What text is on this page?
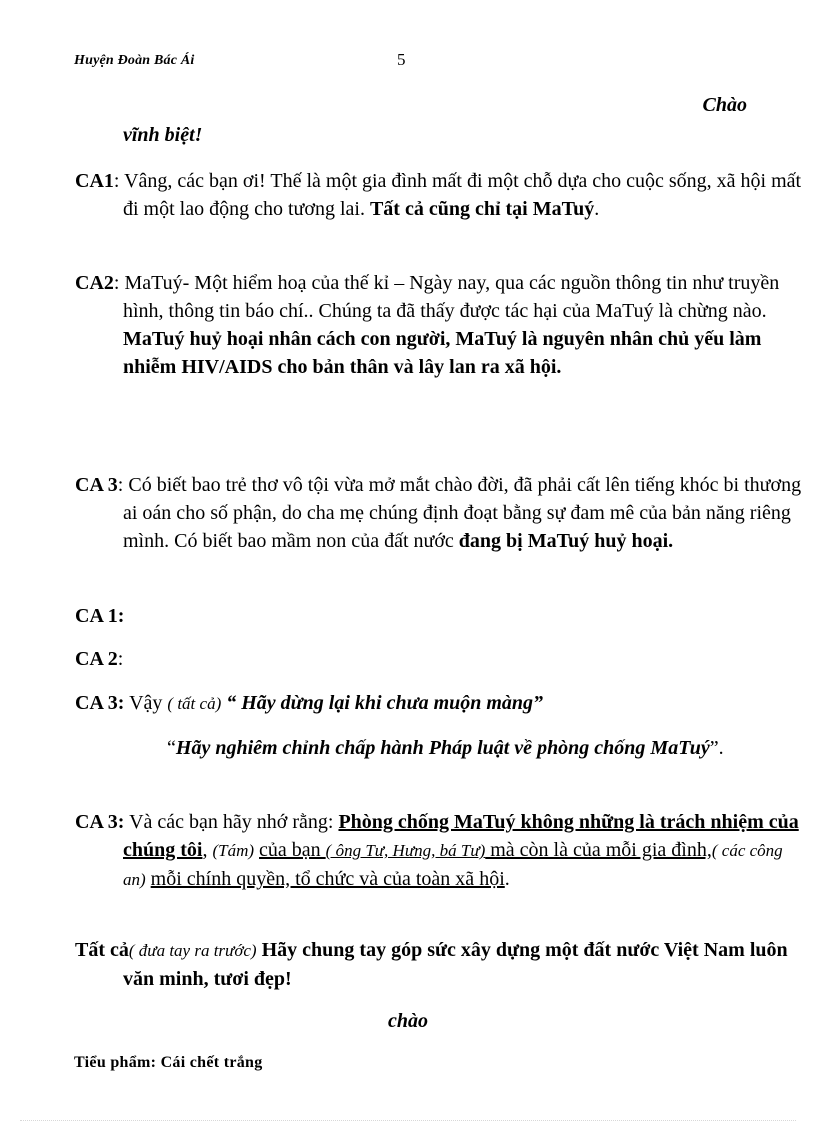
Huyện Đoàn Bác Ái	5
Chào
vĩnh biệt!
CA1: Vâng, các bạn ơi! Thế là một gia đình mất đi một chỗ dựa cho cuộc sống, xã hội mất đi một lao động cho tương lai. Tất cả cũng chỉ tại MaTuý.
CA2: MaTuý- Một hiểm hoạ của thế kỉ – Ngày nay, qua các nguồn thông tin như truyền hình, thông tin báo chí.. Chúng ta đã thấy được tác hại của MaTuý là chừng nào. MaTuý huỷ hoại nhân cách con người, MaTuý là nguyên nhân chủ yếu làm nhiễm HIV/AIDS cho bản thân và lây lan ra xã hội.
CA 3: Có biết bao trẻ thơ vô tội vừa mở mắt chào đời, đã phải cất lên tiếng khóc bi thương ai oán cho số phận, do cha mẹ chúng định đoạt bằng sự đam mê của bản năng riêng mình. Có biết bao mầm non của đất nước đang bị MaTuý huỷ hoại.
CA 1:
CA 2:
CA 3: Vậy ( tất cả) “ Hãy dừng lại khi chưa muộn màng”
“Hãy nghiêm chỉnh chấp hành Pháp luật về phòng chống MaTuý”.
CA 3: Và các bạn hãy nhớ rằng: Phòng chống MaTuý không những là trách nhiệm của chúng tôi, (Tám) của bạn ( ông Tư, Hưng, bá Tư) mà còn là của mỗi gia đình,( các công an) mỗi chính quyền, tổ chức và của toàn xã hội.
Tất cả( đưa tay ra trước) Hãy chung tay góp sức xây dựng một đất nước Việt Nam luôn văn minh, tươi đẹp!
chào
Tiểu phẩm: Cái chết trắng
